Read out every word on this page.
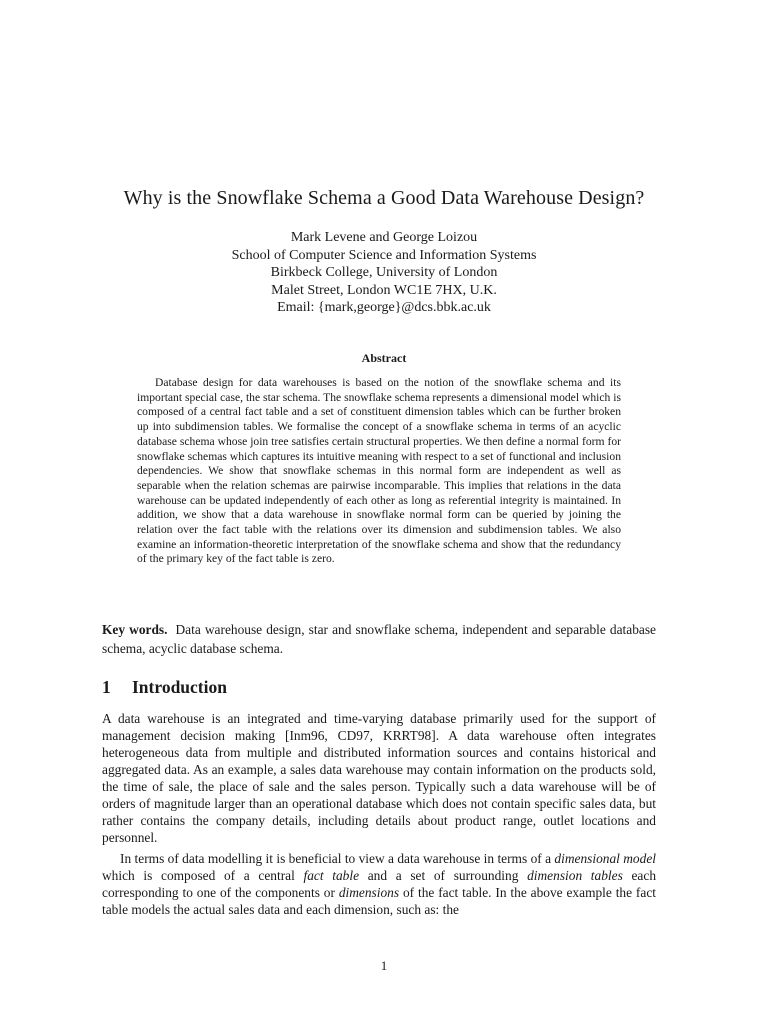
Why is the Snowflake Schema a Good Data Warehouse Design?
Mark Levene and George Loizou
School of Computer Science and Information Systems
Birkbeck College, University of London
Malet Street, London WC1E 7HX, U.K.
Email: {mark,george}@dcs.bbk.ac.uk
Abstract
Database design for data warehouses is based on the notion of the snowflake schema and its important special case, the star schema. The snowflake schema represents a dimensional model which is composed of a central fact table and a set of constituent dimension tables which can be further broken up into subdimension tables. We formalise the concept of a snowflake schema in terms of an acyclic database schema whose join tree satisfies certain structural properties. We then define a normal form for snowflake schemas which captures its intuitive meaning with respect to a set of functional and inclusion dependencies. We show that snowflake schemas in this normal form are independent as well as separable when the relation schemas are pairwise incomparable. This implies that relations in the data warehouse can be updated independently of each other as long as referential integrity is maintained. In addition, we show that a data warehouse in snowflake normal form can be queried by joining the relation over the fact table with the relations over its dimension and subdimension tables. We also examine an information-theoretic interpretation of the snowflake schema and show that the redundancy of the primary key of the fact table is zero.
Key words. Data warehouse design, star and snowflake schema, independent and separable database schema, acyclic database schema.
1 Introduction

A data warehouse is an integrated and time-varying database primarily used for the support of management decision making [Inm96, CD97, KRRT98]. A data warehouse often integrates heterogeneous data from multiple and distributed information sources and contains historical and aggregated data. As an example, a sales data warehouse may contain information on the products sold, the time of sale, the place of sale and the sales person. Typically such a data warehouse will be of orders of magnitude larger than an operational database which does not contain specific sales data, but rather contains the company details, including details about product range, outlet locations and personnel.

In terms of data modelling it is beneficial to view a data warehouse in terms of a dimensional model which is composed of a central fact table and a set of surrounding dimension tables each corresponding to one of the components or dimensions of the fact table. In the above example the fact table models the actual sales data and each dimension, such as: the

1
